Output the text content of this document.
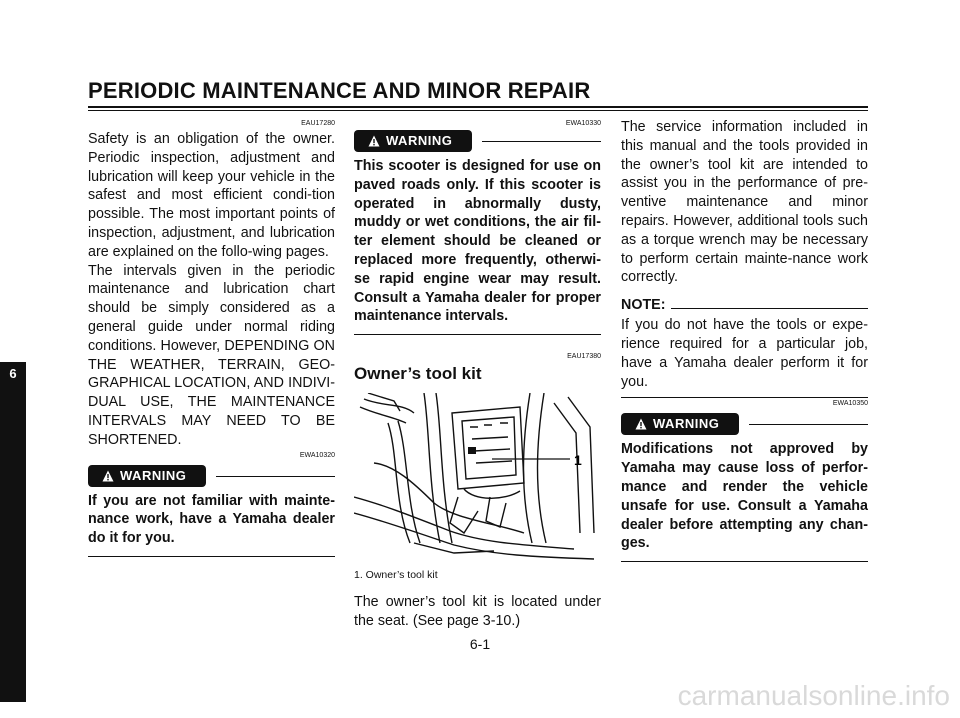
PERIODIC MAINTENANCE AND MINOR REPAIR
6
EAU17280

Safety is an obligation of the owner. Periodic inspection, adjustment and lubrication will keep your vehicle in the safest and most efficient condi-tion possible. The most important points of inspection, adjustment, and lubrication are explained on the follo-wing pages.

The intervals given in the periodic maintenance and lubrication chart should be simply considered as a general guide under normal riding conditions. However, DEPENDING ON THE WEATHER, TERRAIN, GEO-GRAPHICAL LOCATION, AND INDIVI-DUAL USE, THE MAINTENANCE INTERVALS MAY NEED TO BE SHORTENED.

EWA10320
WARNING

If you are not familiar with mainte-nance work, have a Yamaha dealer do it for you.

EWA10330
WARNING

This scooter is designed for use on paved roads only. If this scooter is operated in abnormally dusty, muddy or wet conditions, the air fil-ter element should be cleaned or replaced more frequently, otherwi-se rapid engine wear may result. Consult a Yamaha dealer for proper maintenance intervals.

EAU17380
Owner’s tool kit
1

1. Owner’s tool kit

The owner’s tool kit is located under the seat. (See page 3-10.)

The service information included in this manual and the tools provided in the owner’s tool kit are intended to assist you in the performance of pre-ventive maintenance and minor repairs. However, additional tools such as a torque wrench may be necessary to perform certain mainte-nance work correctly.

NOTE:

If you do not have the tools or expe-rience required for a particular job, have a Yamaha dealer perform it for you.

EWA10350
WARNING

Modifications not approved by Yamaha may cause loss of perfor-mance and render the vehicle unsafe for use. Consult a Yamaha dealer before attempting any chan-ges.

6-1
carmanualsonline.info
